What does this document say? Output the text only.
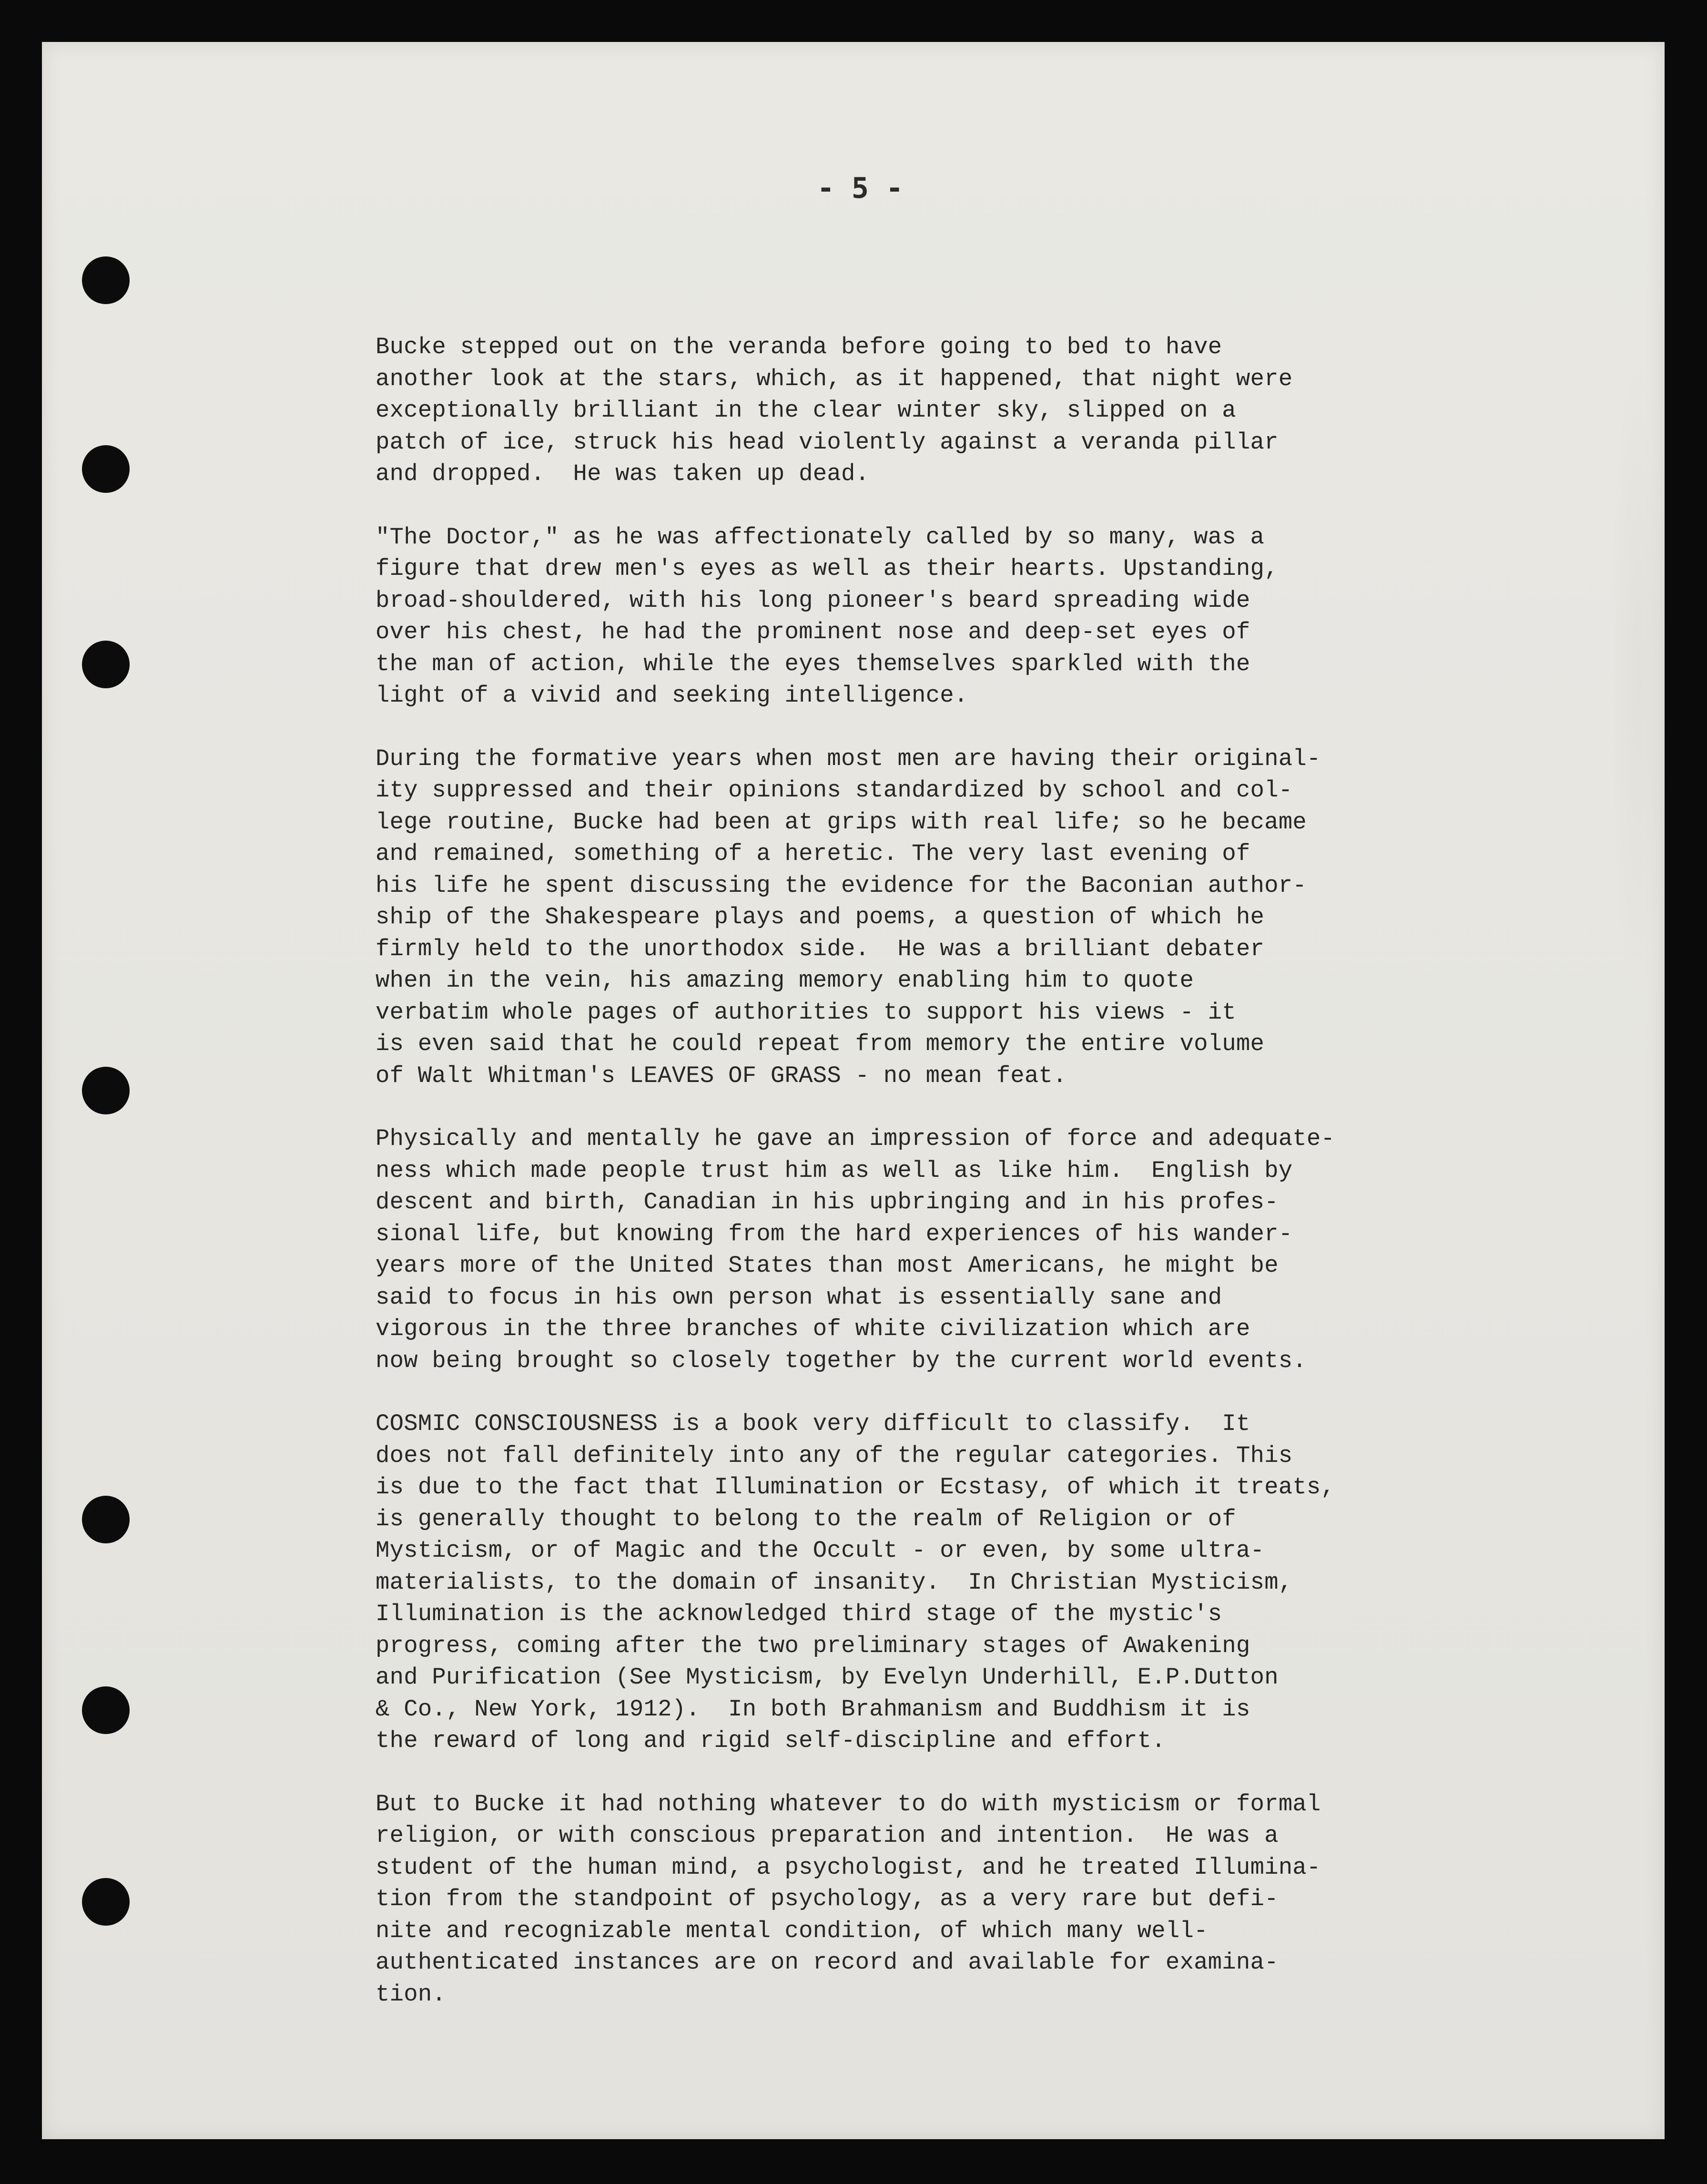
- 5 -
Bucke stepped out on the veranda before going to bed to have
another look at the stars, which, as it happened, that night were
exceptionally brilliant in the clear winter sky, slipped on a
patch of ice, struck his head violently against a veranda pillar
and dropped.  He was taken up dead.
"The Doctor," as he was affectionately called by so many, was a
figure that drew men's eyes as well as their hearts. Upstanding,
broad-shouldered, with his long pioneer's beard spreading wide
over his chest, he had the prominent nose and deep-set eyes of
the man of action, while the eyes themselves sparkled with the
light of a vivid and seeking intelligence.
During the formative years when most men are having their original-
ity suppressed and their opinions standardized by school and col-
lege routine, Bucke had been at grips with real life; so he became
and remained, something of a heretic. The very last evening of
his life he spent discussing the evidence for the Baconian author-
ship of the Shakespeare plays and poems, a question of which he
firmly held to the unorthodox side.  He was a brilliant debater
when in the vein, his amazing memory enabling him to quote
verbatim whole pages of authorities to support his views - it
is even said that he could repeat from memory the entire volume
of Walt Whitman's LEAVES OF GRASS - no mean feat.
Physically and mentally he gave an impression of force and adequate-
ness which made people trust him as well as like him.  English by
descent and birth, Canadian in his upbringing and in his profes-
sional life, but knowing from the hard experiences of his wander-
years more of the United States than most Americans, he might be
said to focus in his own person what is essentially sane and
vigorous in the three branches of white civilization which are
now being brought so closely together by the current world events.
COSMIC CONSCIOUSNESS is a book very difficult to classify.  It
does not fall definitely into any of the regular categories. This
is due to the fact that Illumination or Ecstasy, of which it treats,
is generally thought to belong to the realm of Religion or of
Mysticism, or of Magic and the Occult - or even, by some ultra-
materialists, to the domain of insanity.  In Christian Mysticism,
Illumination is the acknowledged third stage of the mystic's
progress, coming after the two preliminary stages of Awakening
and Purification (See Mysticism, by Evelyn Underhill, E.P.Dutton
& Co., New York, 1912).  In both Brahmanism and Buddhism it is
the reward of long and rigid self-discipline and effort.
But to Bucke it had nothing whatever to do with mysticism or formal
religion, or with conscious preparation and intention.  He was a
student of the human mind, a psychologist, and he treated Illumina-
tion from the standpoint of psychology, as a very rare but defi-
nite and recognizable mental condition, of which many well-
authenticated instances are on record and available for examina-
tion.
